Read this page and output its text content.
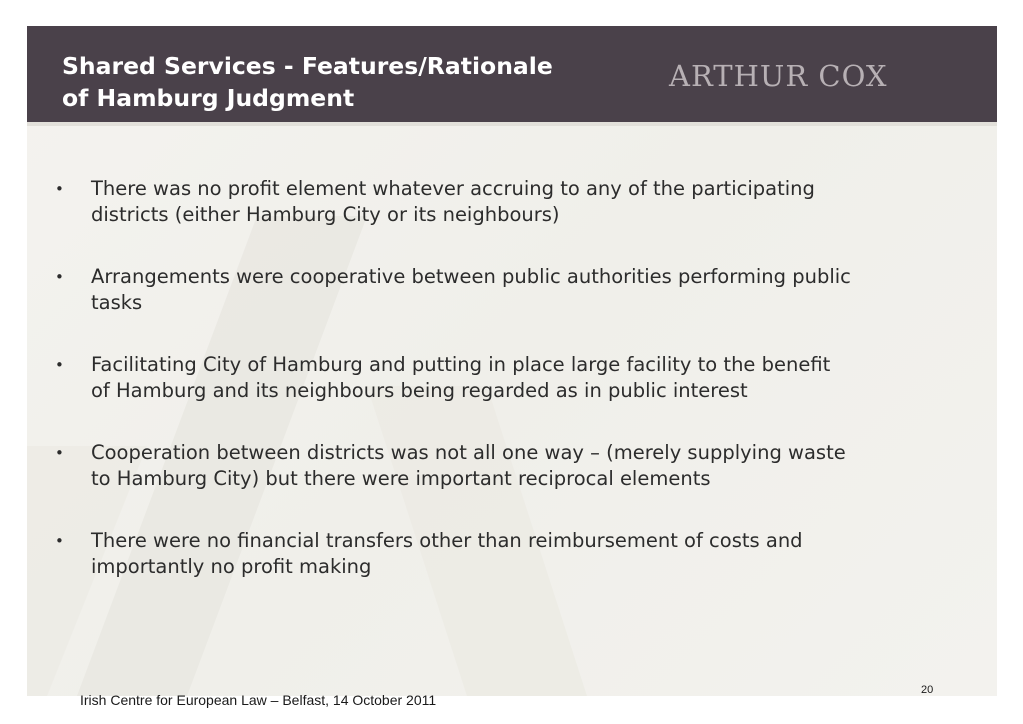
Shared Services - Features/Rationale
of Hamburg Judgment
ARTHUR COX
• There was no profit element whatever accruing to any of the participating
districts (either Hamburg City or its neighbours)
• Arrangements were cooperative between public authorities performing public
tasks
• Facilitating City of Hamburg and putting in place large facility to the benefit
of Hamburg and its neighbours being regarded as in public interest
• Cooperation between districts was not all one way – (merely supplying waste
to Hamburg City) but there were important reciprocal elements
• There were no financial transfers other than reimbursement of costs and
importantly no profit making
20
Irish Centre for European Law – Belfast, 14 October 2011
